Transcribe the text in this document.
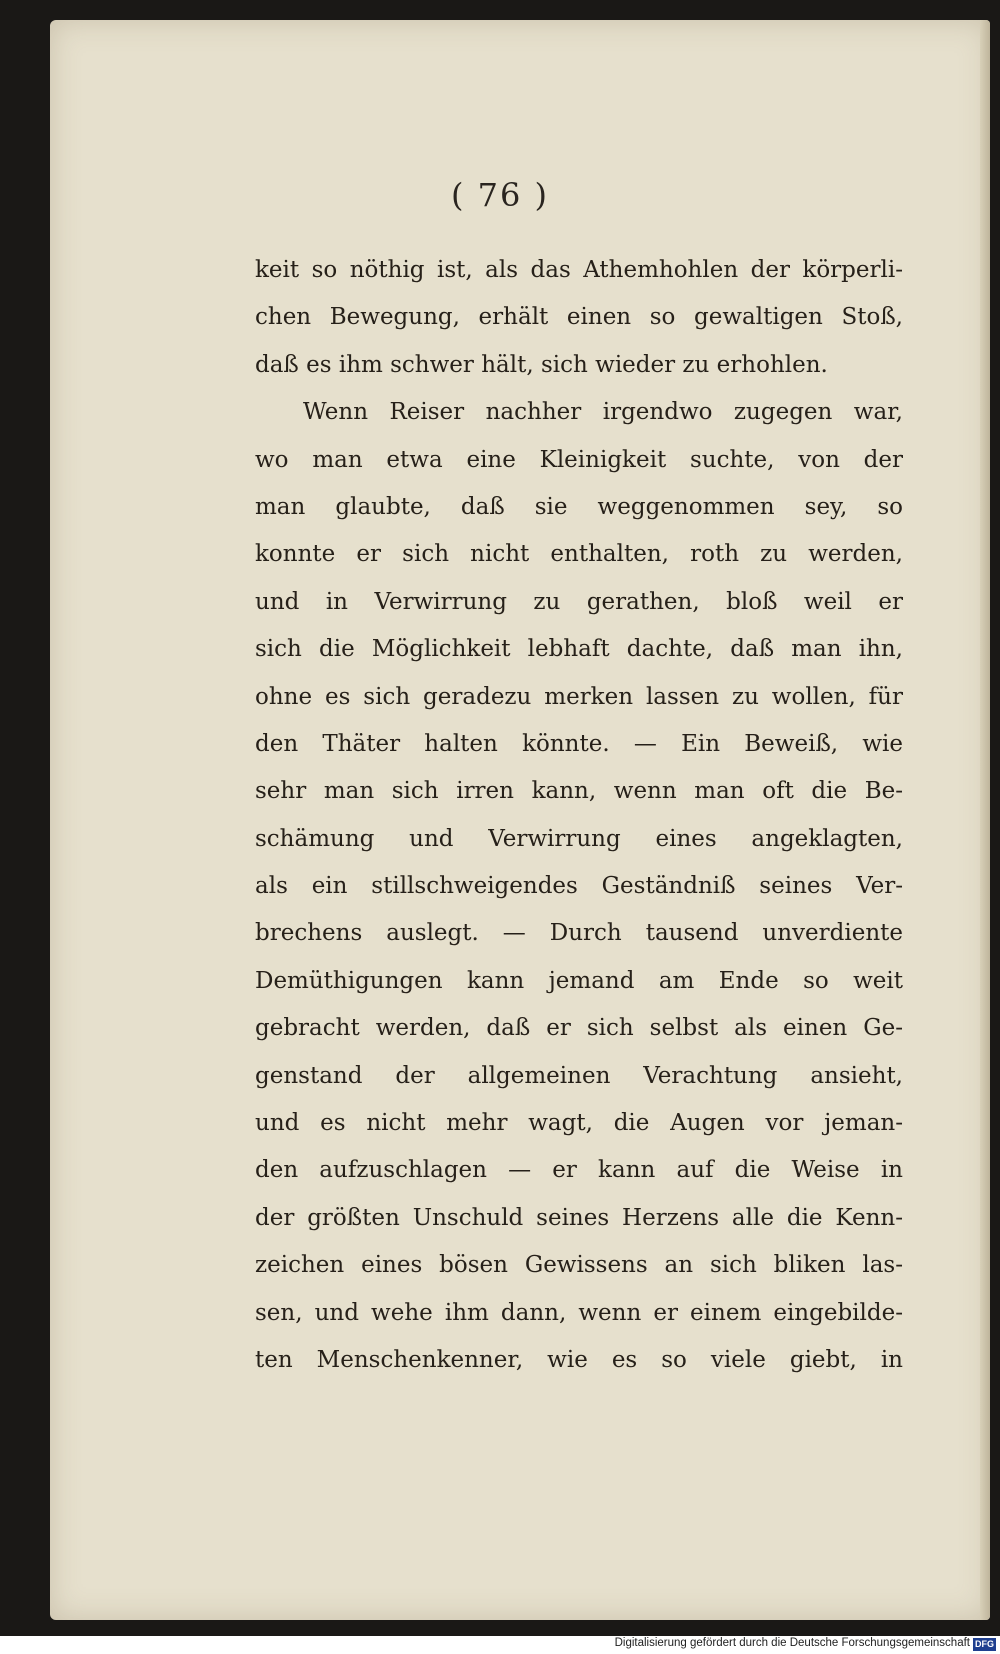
( 76 )
keit so nöthig ist, als das Athemhohlen der körperli-
chen Bewegung, erhält einen so gewaltigen Stoß,
daß es ihm schwer hält, sich wieder zu erhohlen.
Wenn Reiser nachher irgendwo zugegen war,
wo man etwa eine Kleinigkeit suchte, von der
man glaubte, daß sie weggenommen sey, so
konnte er sich nicht enthalten, roth zu werden,
und in Verwirrung zu gerathen, bloß weil er
sich die Möglichkeit lebhaft dachte, daß man ihn,
ohne es sich geradezu merken lassen zu wollen, für
den Thäter halten könnte. — Ein Beweiß, wie
sehr man sich irren kann, wenn man oft die Be-
schämung und Verwirrung eines angeklagten,
als ein stillschweigendes Geständniß seines Ver-
brechens auslegt. — Durch tausend unverdiente
Demüthigungen kann jemand am Ende so weit
gebracht werden, daß er sich selbst als einen Ge-
genstand der allgemeinen Verachtung ansieht,
und es nicht mehr wagt, die Augen vor jeman-
den aufzuschlagen — er kann auf die Weise in
der größten Unschuld seines Herzens alle die Kenn-
zeichen eines bösen Gewissens an sich bliken las-
sen, und wehe ihm dann, wenn er einem eingebilde-
ten Menschenkenner, wie es so viele giebt, in
Digitalisierung gefördert durch die Deutsche Forschungsgemeinschaft DFG
